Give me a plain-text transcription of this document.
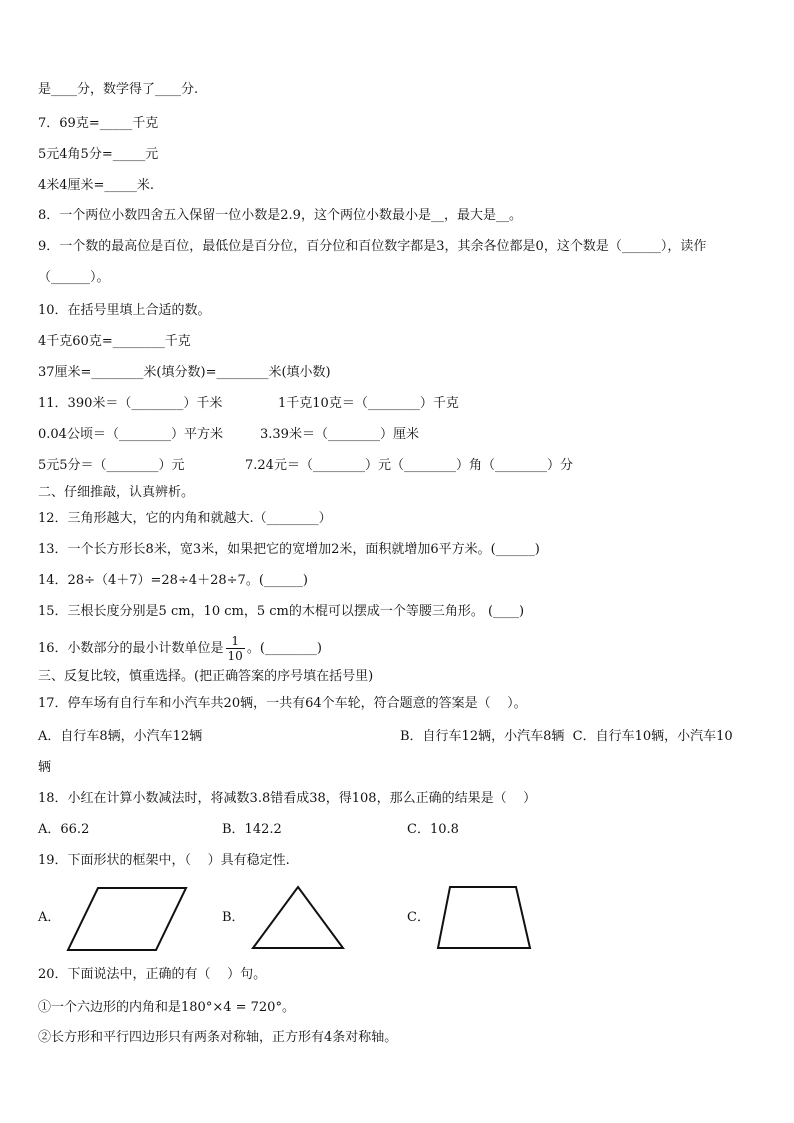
是____分，数学得了____分.
7．69克=_____千克
5元4角5分=_____元
4米4厘米=_____米.
8．一个两位小数四舍五入保留一位小数是2.9，这个两位小数最小是__，最大是__。
9．一个数的最高位是百位，最低位是百分位，百分位和百位数字都是3，其余各位都是0，这个数是（______），读作
（______）。
10．在括号里填上合适的数。
4千克60克=________千克
37厘米=________米(填分数)=________米(填小数)
11．390米＝（________）千米	1千克10克＝（________）千克
0.04公顷＝（________）平方米	3.39米＝（________）厘米
5元5分＝（________）元	7.24元＝（________）元（________）角（________）分
二、仔细推敲，认真辨析。
12．三角形越大，它的内角和就越大.（________）
13．一个长方形长8米，宽3米，如果把它的宽增加2米，面积就增加6平方米。(______)
14．28÷（4＋7）=28÷4＋28÷7。(______)
15．三根长度分别是5 cm，10 cm，5 cm的木棍可以摆成一个等腰三角形。 (____)
16．小数部分的最小计数单位是 $\frac{1}{10}$ 。(________)
三、反复比较，慎重选择。(把正确答案的序号填在括号里)
17．停车场有自行车和小汽车共20辆，一共有64个车轮，符合题意的答案是（    ）。
A．自行车8辆，小汽车12辆	B．自行车12辆，小汽车8辆  C．自行车10辆，小汽车10
辆
18．小红在计算小数减法时，将减数3.8错看成38，得108，那么正确的结果是（    ）
A．66.2	B．142.2	C．10.8
19．下面形状的框架中，（    ）具有稳定性.
A．	B．	C．
20．下面说法中，正确的有（    ）句。
①一个六边形的内角和是180°×4 = 720°。
②长方形和平行四边形只有两条对称轴，正方形有4条对称轴。
